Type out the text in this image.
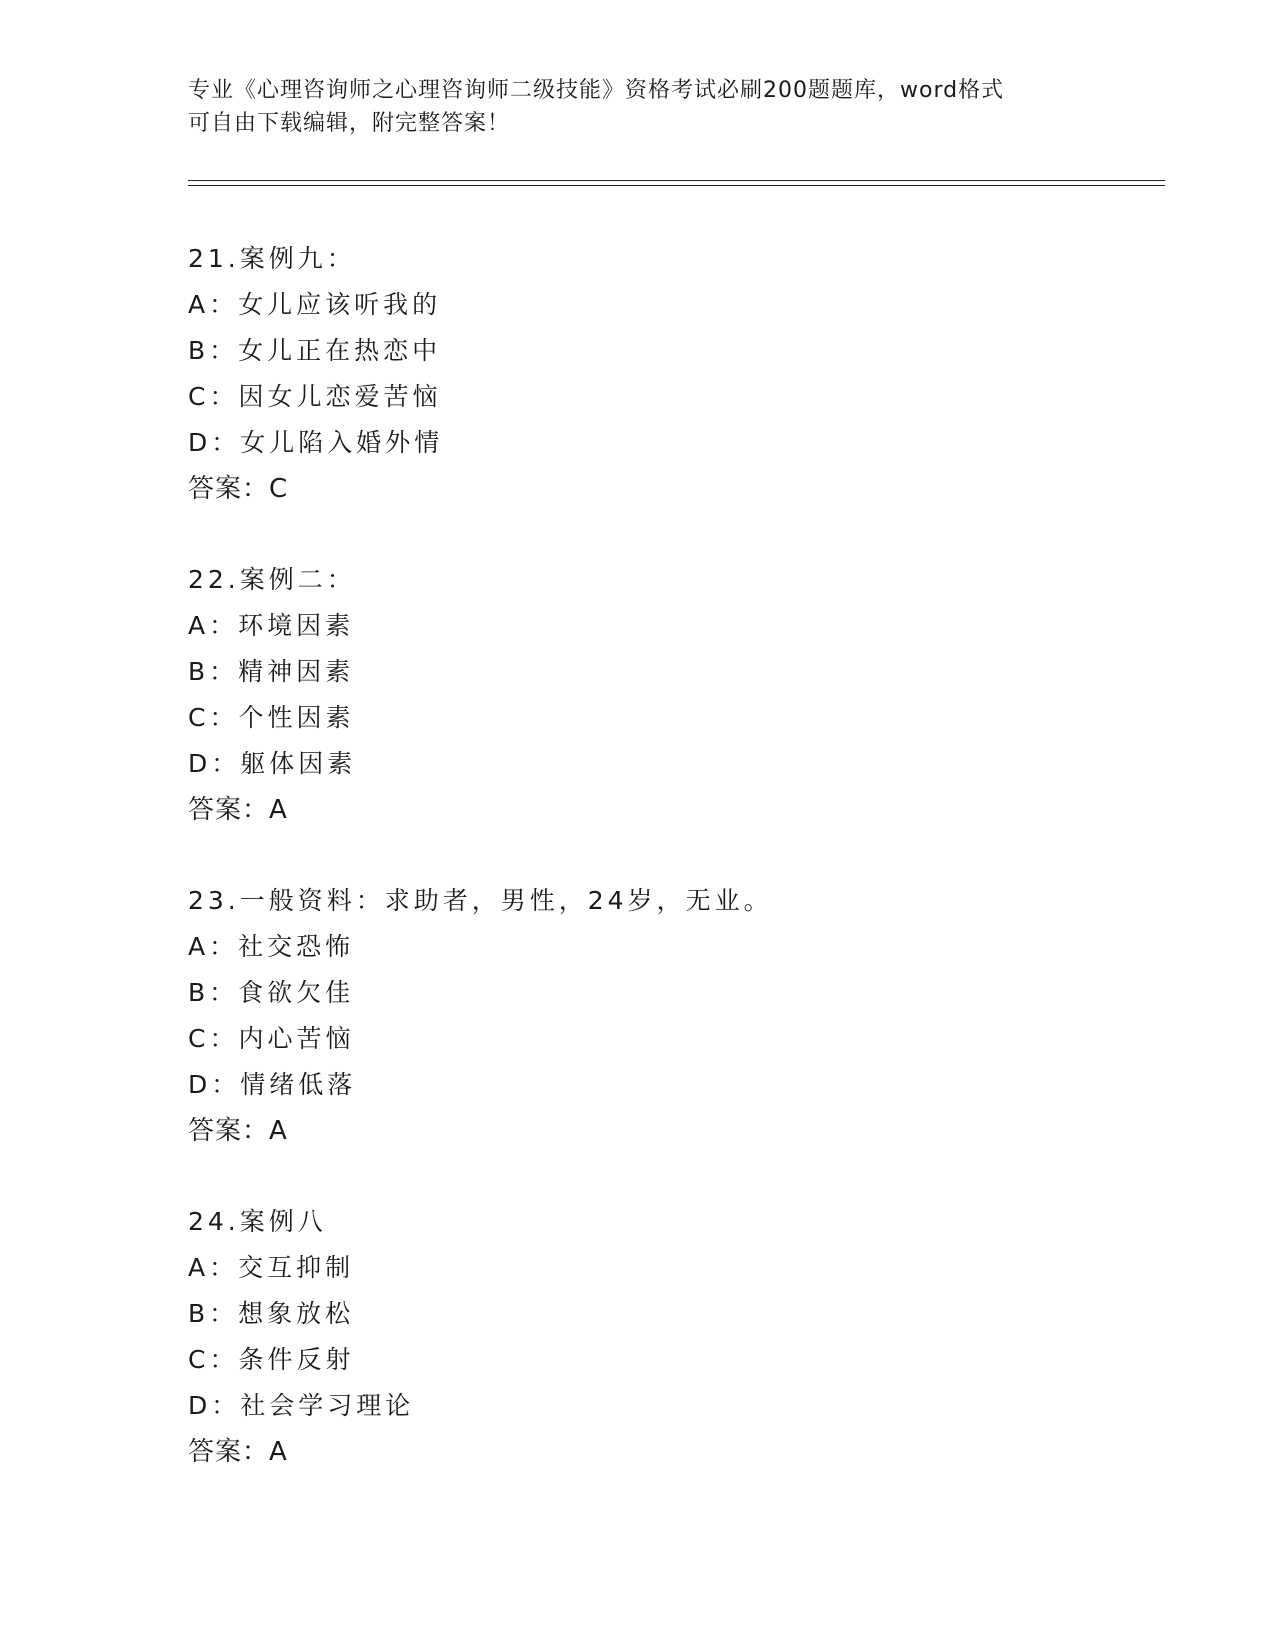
专业《心理咨询师之心理咨询师二级技能》资格考试必刷200题题库，word格式
可自由下载编辑，附完整答案！
21.案例九：
A：女儿应该听我的
B：女儿正在热恋中
C：因女儿恋爱苦恼
D：女儿陷入婚外情
答案：C
22.案例二：
A：环境因素
B：精神因素
C：个性因素
D：躯体因素
答案：A
23.一般资料：求助者，男性，24岁，无业。
A：社交恐怖
B：食欲欠佳
C：内心苦恼
D：情绪低落
答案：A
24.案例八
A：交互抑制
B：想象放松
C：条件反射
D：社会学习理论
答案：A
